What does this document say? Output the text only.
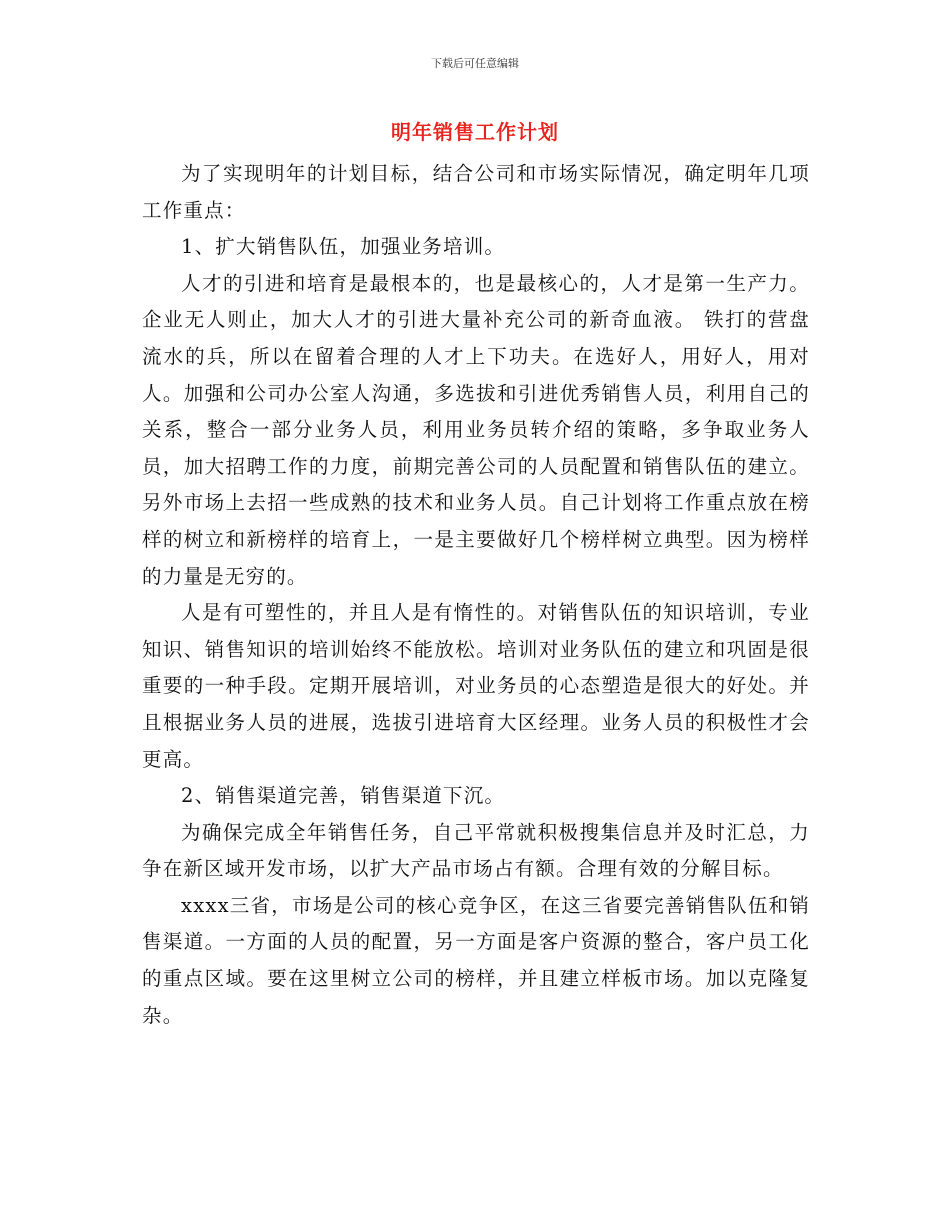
下载后可任意编辑
明年销售工作计划

为了实现明年的计划目标，结合公司和市场实际情况，确定明年几项工作重点：

1、扩大销售队伍，加强业务培训。

人才的引进和培育是最根本的，也是最核心的，人才是第一生产力。企业无人则止，加大人才的引进大量补充公司的新奇血液。 铁打的营盘流水的兵，所以在留着合理的人才上下功夫。在选好人，用好人，用对人。加强和公司办公室人沟通，多选拔和引进优秀销售人员，利用自己的关系，整合一部分业务人员，利用业务员转介绍的策略，多争取业务人员，加大招聘工作的力度，前期完善公司的人员配置和销售队伍的建立。另外市场上去招一些成熟的技术和业务人员。自己计划将工作重点放在榜样的树立和新榜样的培育上，一是主要做好几个榜样树立典型。因为榜样的力量是无穷的。

人是有可塑性的，并且人是有惰性的。对销售队伍的知识培训，专业知识、销售知识的培训始终不能放松。培训对业务队伍的建立和巩固是很重要的一种手段。定期开展培训，对业务员的心态塑造是很大的好处。并且根据业务人员的进展，选拔引进培育大区经理。业务人员的积极性才会更高。

2、销售渠道完善，销售渠道下沉。

为确保完成全年销售任务，自己平常就积极搜集信息并及时汇总，力争在新区域开发市场，以扩大产品市场占有额。合理有效的分解目标。

xxxx三省，市场是公司的核心竞争区，在这三省要完善销售队伍和销售渠道。一方面的人员的配置，另一方面是客户资源的整合，客户员工化的重点区域。要在这里树立公司的榜样，并且建立样板市场。加以克隆复杂。
